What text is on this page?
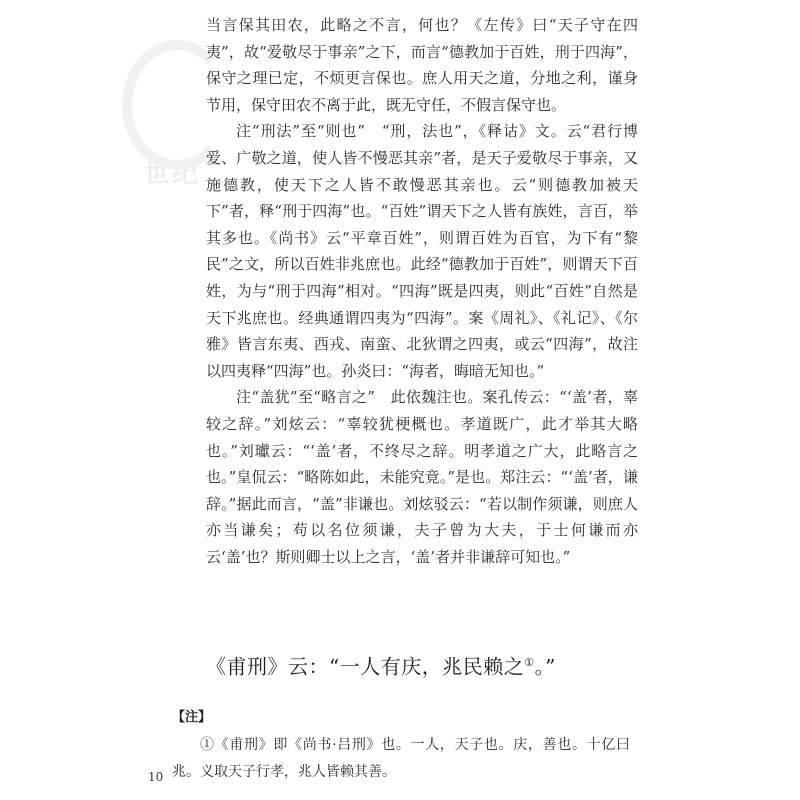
世纪

当言保其田农，此略之不言，何也？《左传》曰“天子守在四夷”，故“爱敬尽于事亲”之下，而言“德教加于百姓，刑于四海”，保守之理已定，不烦更言保也。庶人用天之道，分地之利，谨身节用，保守田农不离于此，既无守任，不假言保守也。

注“刑法”至“则也”　“刑，法也”，《释诂》文。云“君行博爱、广敬之道，使人皆不慢恶其亲”者，是天子爱敬尽于事亲，又施德教，使天下之人皆不敢慢恶其亲也。云“则德教加被天下”者，释“刑于四海”也。“百姓”谓天下之人皆有族姓，言百，举其多也。《尚书》云“平章百姓”，则谓百姓为百官，为下有“黎民”之文，所以百姓非兆庶也。此经“德教加于百姓”，则谓天下百姓，为与“刑于四海”相对。“四海”既是四夷，则此“百姓”自然是天下兆庶也。经典通谓四夷为“四海”。案《周礼》、《礼记》、《尔雅》皆言东夷、西戎、南蛮、北狄谓之四夷，或云“四海”，故注以四夷释“四海”也。孙炎曰：“海者，晦暗无知也。”

注“盖犹”至“略言之”　此依魏注也。案孔传云：“‘盖’者，辜较之辞。”刘炫云：“辜较犹梗概也。孝道既广，此才举其大略也。”刘瓛云：“‘盖’者，不终尽之辞。明孝道之广大，此略言之也。”皇侃云：“略陈如此，未能究竟。”是也。郑注云：“‘盖’者，谦辞。”据此而言，“盖”非谦也。刘炫驳云：“若以制作须谦，则庶人亦当谦矣；苟以名位须谦，夫子曾为大夫，于士何谦而亦云‘盖’也？斯则卿士以上之言，‘盖’者并非谦辞可知也。”

《甫刑》云：“一人有庆，兆民赖之①。”
【注】
①《甫刑》即《尚书·吕刑》也。一人，天子也。庆，善也。十亿曰兆。义取天子行孝，兆人皆赖其善。
10
